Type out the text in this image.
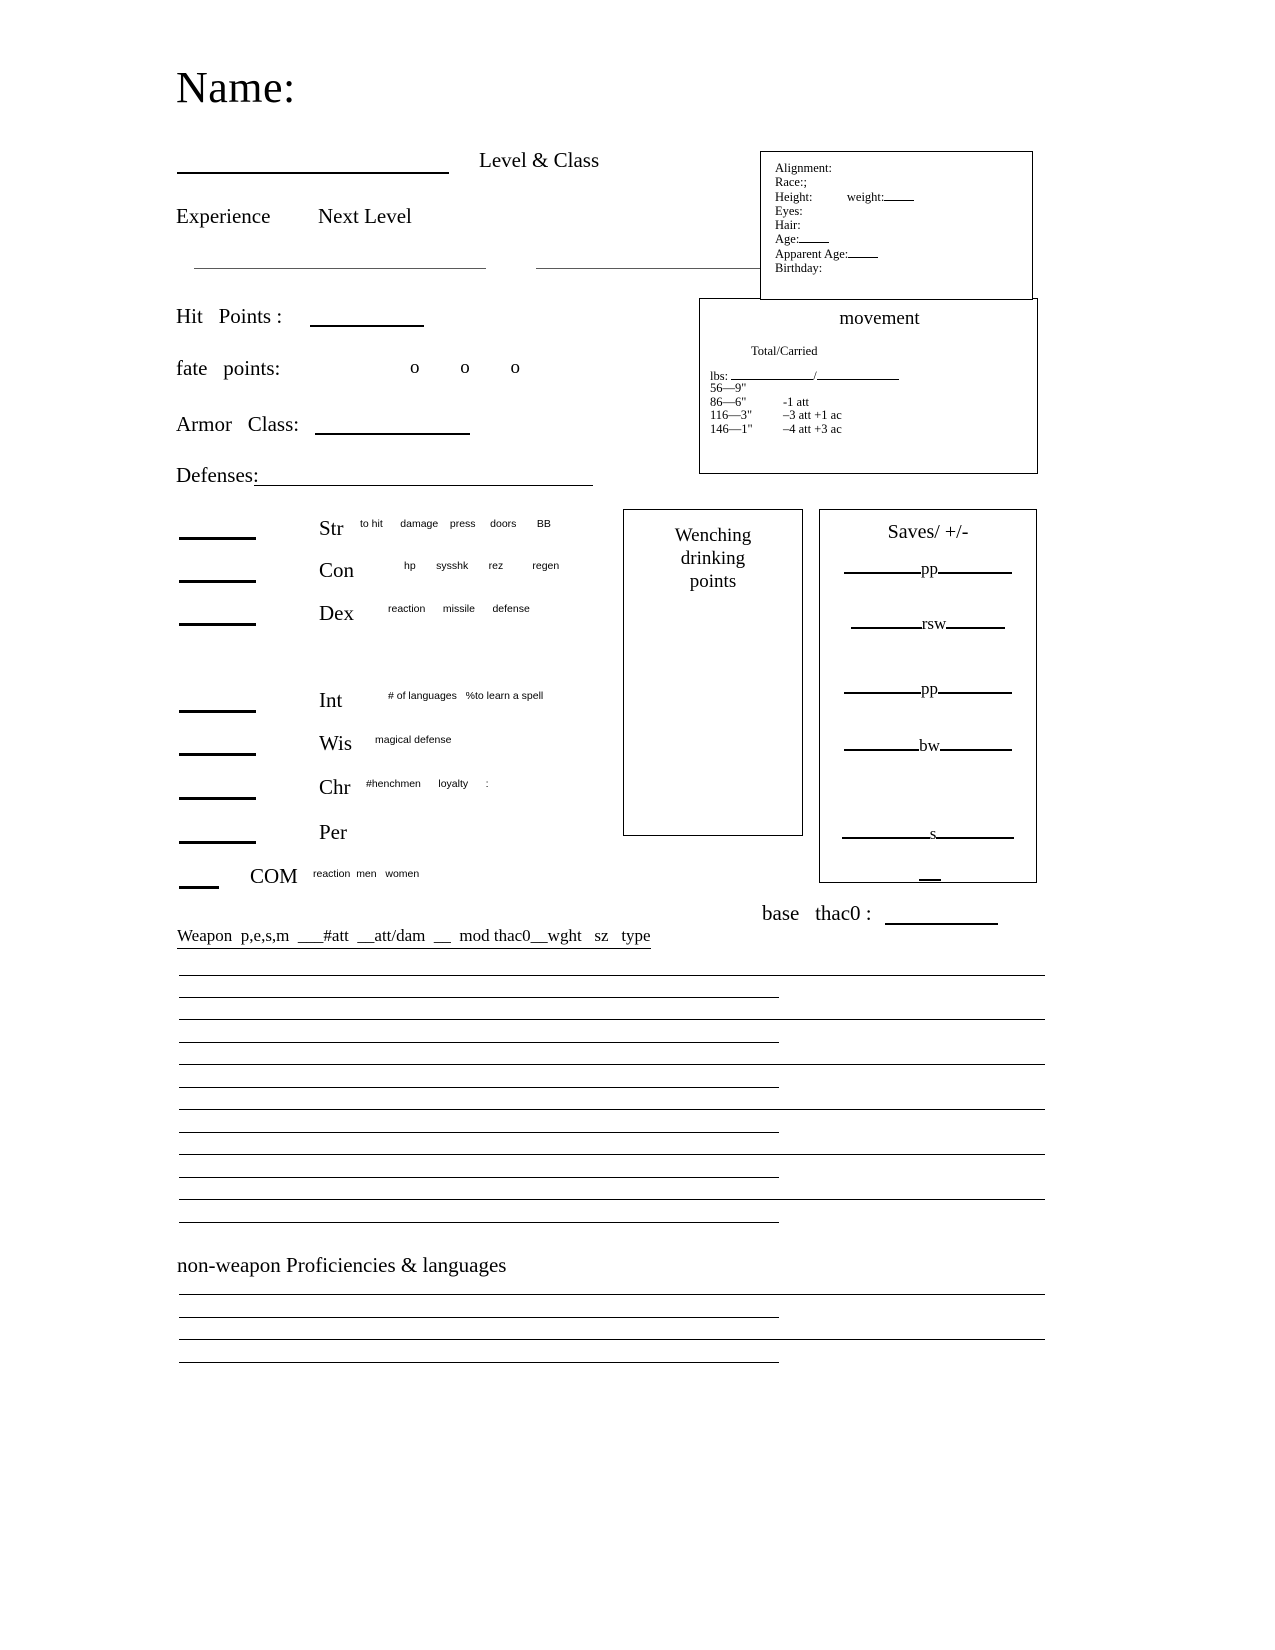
Name:
Level & Class
Experience Next Level
Hit   Points :
fate   points:	o o o
Armor   Class:
Defenses:
Alignment:
Race:;
Height:	weight:
Eyes:
Hair:
Age:
Apparent Age:
Birthday:
movement
Total/Carried
lbs:	/
56—9"
86—6"	-1 att
116—3" –3 att +1 ac
146—1" –4 att +3 ac
Str to hit      damage    press     doors       BB
Con	hp       sysshk       rez          regen
Dex	reaction      missile      defense
Int	# of languages   %to learn a spell
Wis magical defense
Chr #henchmen      loyalty      :
Per
COM reaction  men   women
Wenching
drinking
points
Saves/ +/-
pp
rsw
pp
bw
s
base   thac0 :
Weapon  p,e,s,m  ___#att  __att/dam  __  mod thac0__wght   sz   type
non-weapon Proficiencies & languages
